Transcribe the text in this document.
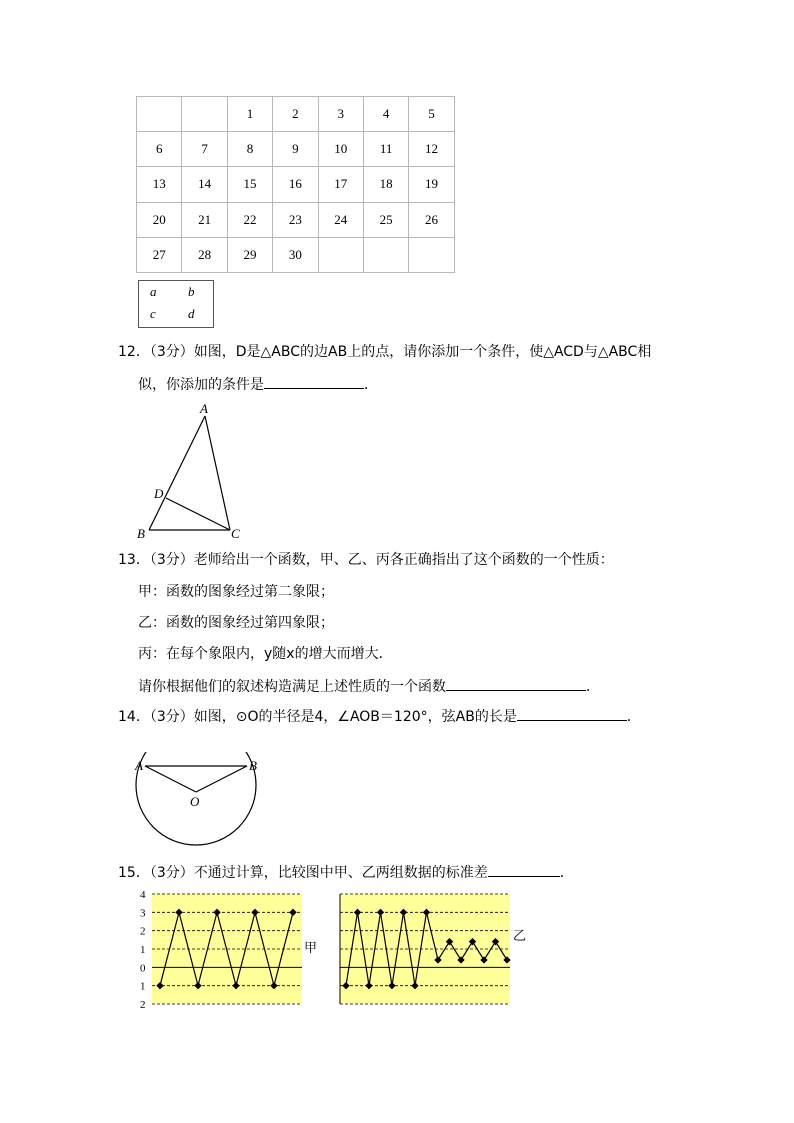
		1	2	3	4	5
6	7	8	9	10	11	12
13	14	15	16	17	18	19
20	21	22	23	24	25	26
27	28	29	30			
a b
c d
12．（3分）如图，D是△ABC的边AB上的点，请你添加一个条件，使△ACD与△ABC相
似，你添加的条件是	．
A
D
B	C
13．（3分）老师给出一个函数，甲、乙、丙各正确指出了这个函数的一个性质：
甲：函数的图象经过第二象限；
乙：函数的图象经过第四象限；
丙：在每个象限内，y随x的增大而增大．
请你根据他们的叙述构造满足上述性质的一个函数	．
14．（3分）如图，⊙O的半径是4，∠AOB＝120°，弦AB的长是	．
A	B
O
15．（3分）不通过计算，比较图中甲、乙两组数据的标准差	．
4
3
2
1
0
1
2
甲
乙
